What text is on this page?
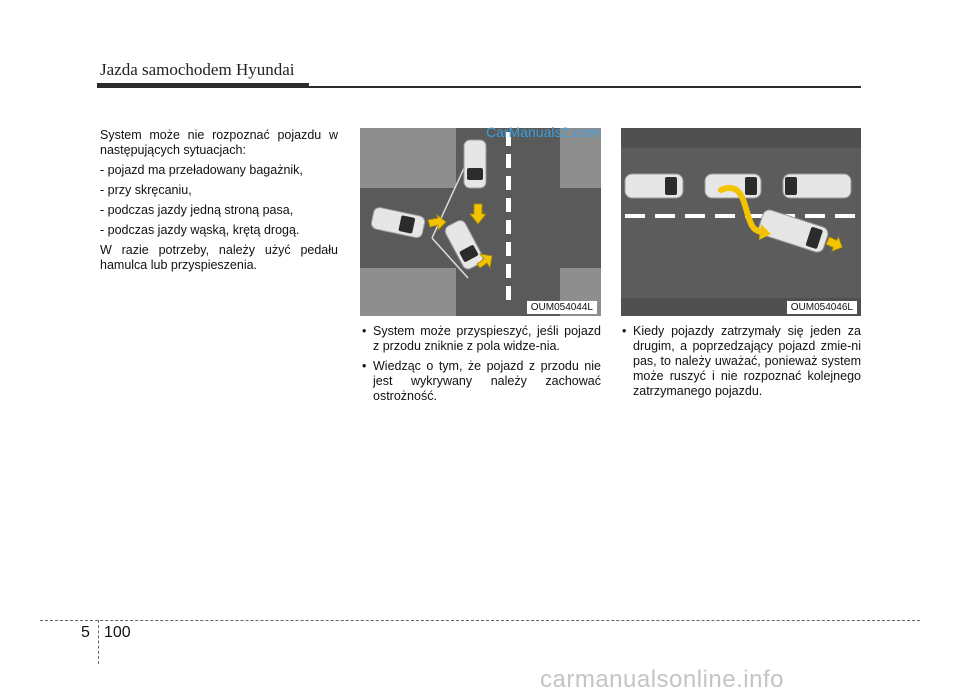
Jazda samochodem Hyundai

System może nie rozpoznać pojazdu w następujących sytuacjach:

- pojazd ma przeładowany bagażnik,

- przy skręcaniu,

- podczas jazdy jedną stroną pasa,

- podczas jazdy wąską, krętą drogą.

W razie potrzeby, należy użyć pedału hamulca lub przyspieszenia.

OUM054044L	OUM054046L
CarManuals2.com
• System może przyspieszyć, jeśli pojazd z przodu zniknie z pola widze-nia.
• Wiedząc o tym, że pojazd z przodu nie jest wykrywany należy zachować ostrożność.
• Kiedy pojazdy zatrzymały się jeden za drugim, a poprzedzający pojazd zmie-ni pas, to należy uważać, ponieważ system może ruszyć i nie rozpoznać kolejnego zatrzymanego pojazdu.
5 100
carmanualsonline.info
